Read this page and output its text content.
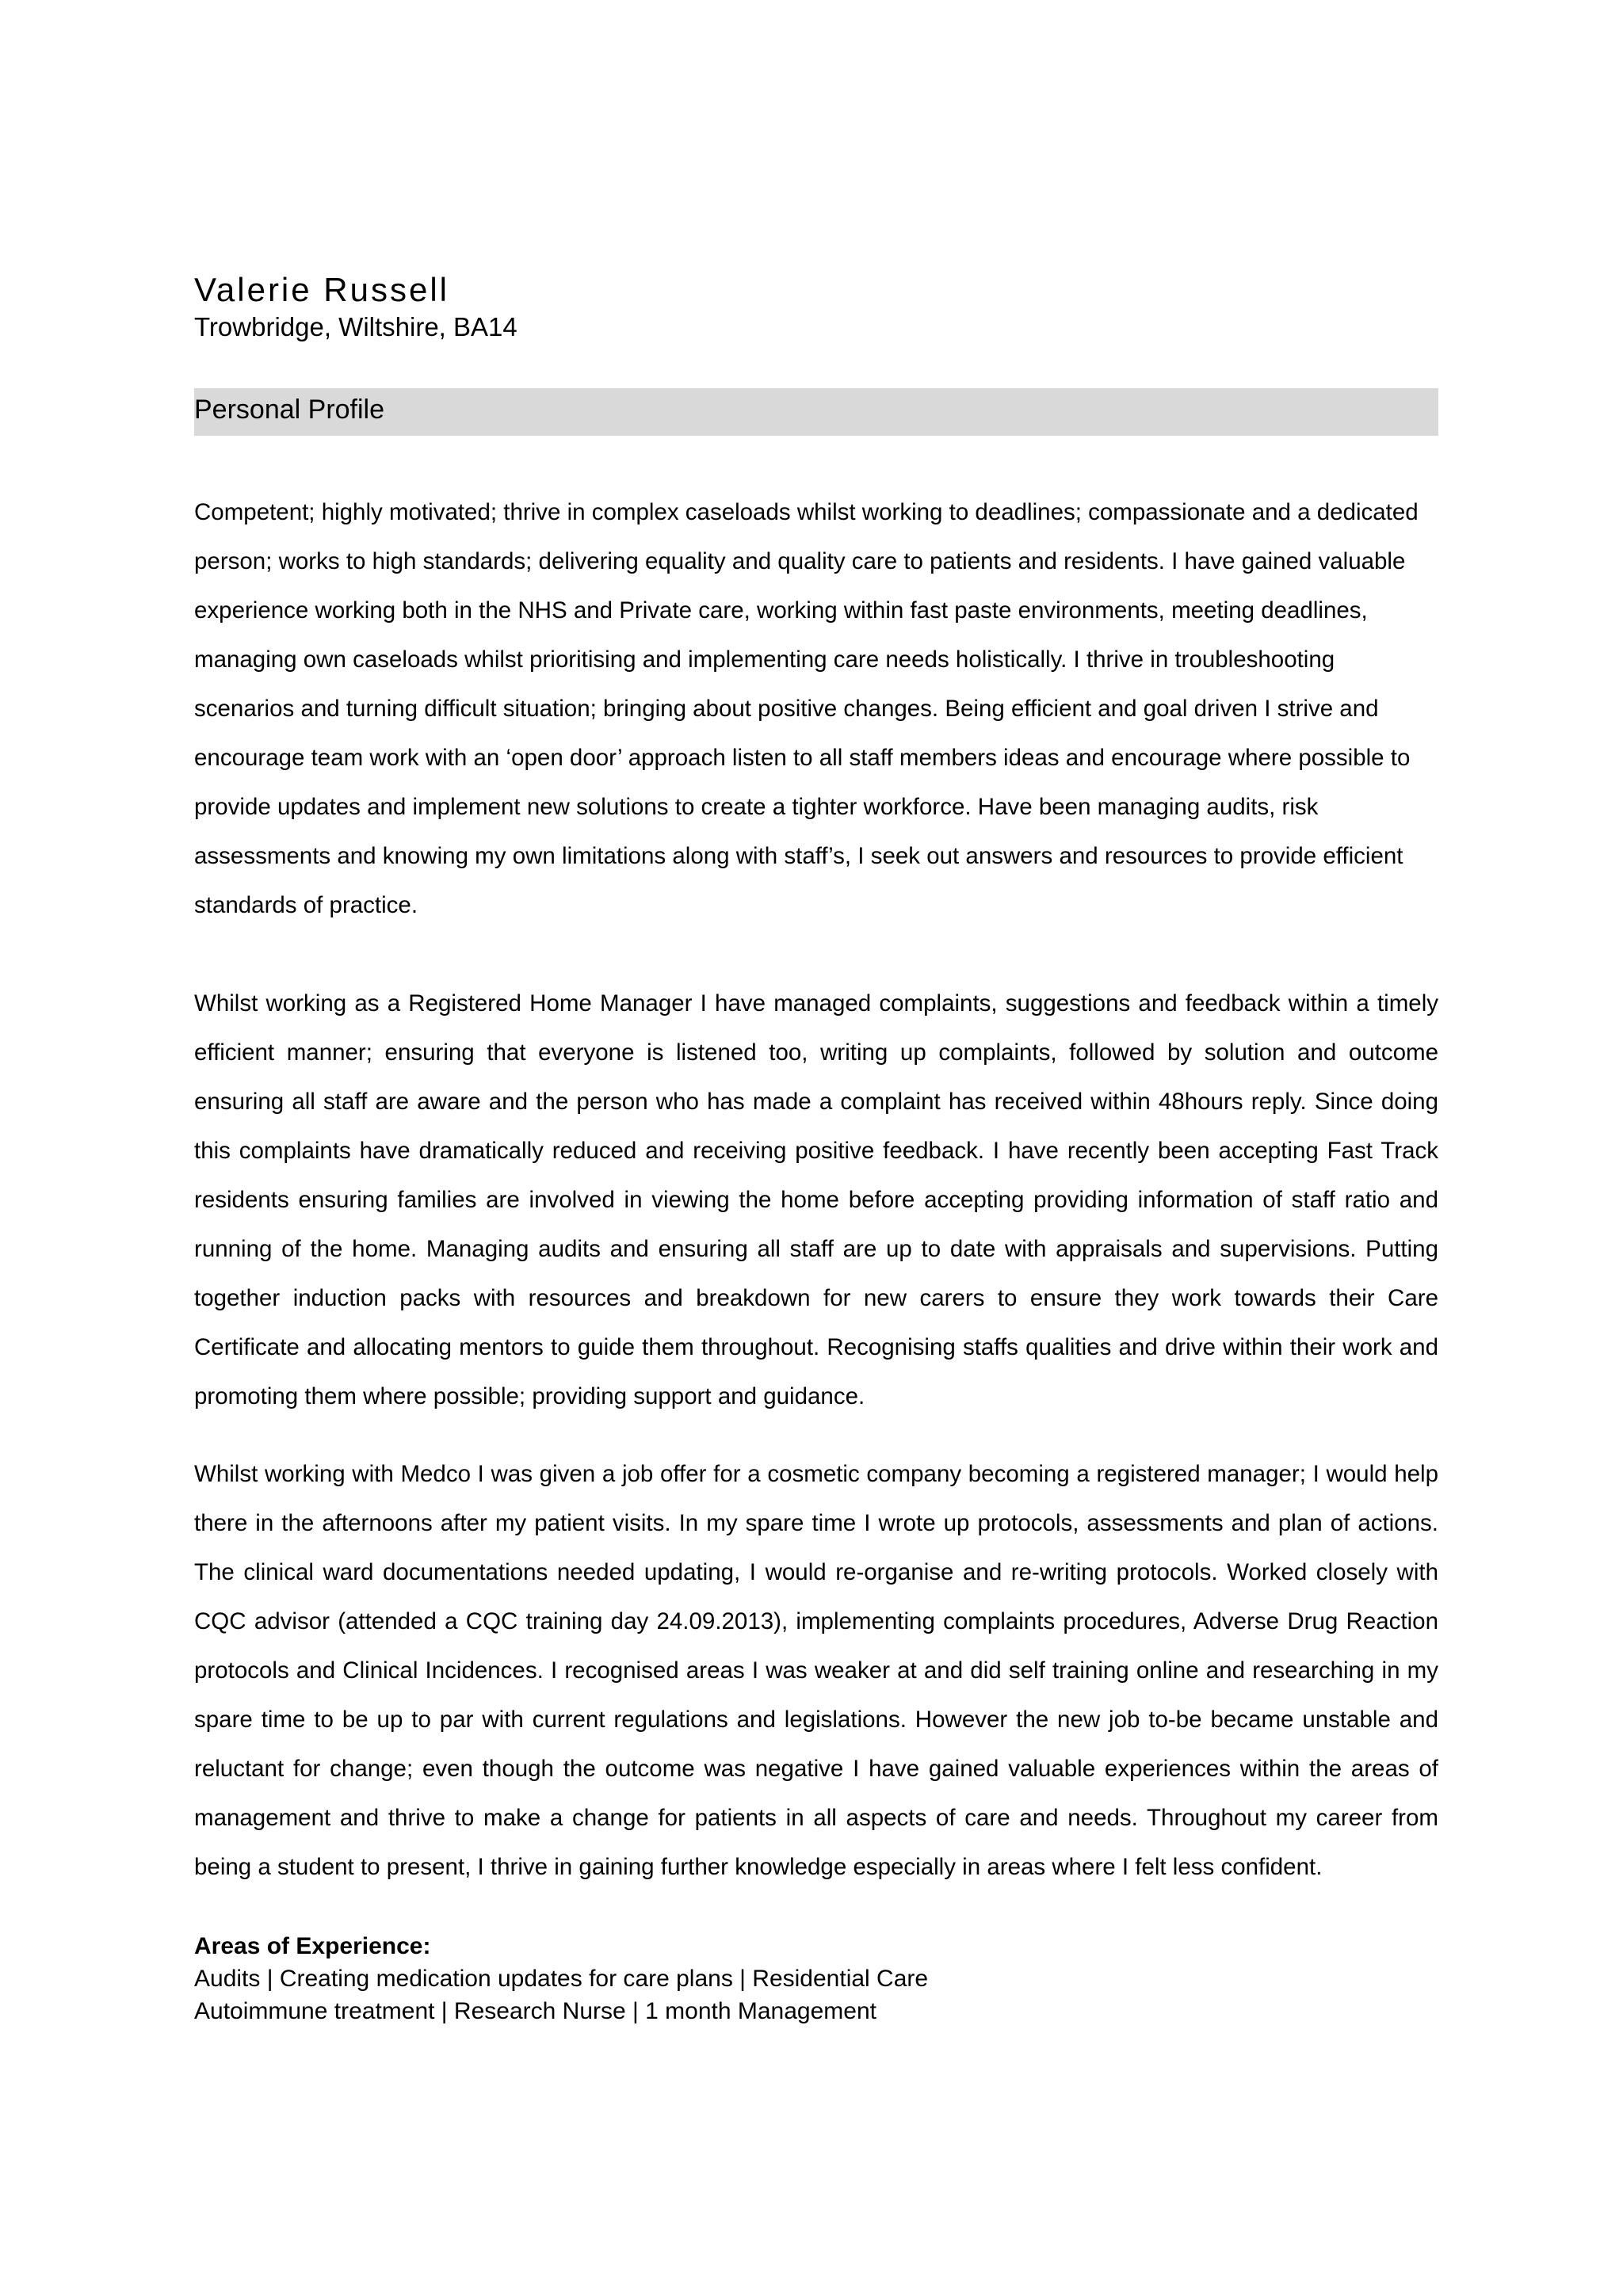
Valerie Russell

Trowbridge, Wiltshire, BA14

Personal Profile

Competent; highly motivated; thrive in complex caseloads whilst working to deadlines; compassionate and a dedicated person; works to high standards; delivering equality and quality care to patients and residents. I have gained valuable experience working both in the NHS and Private care, working within fast paste environments, meeting deadlines, managing own caseloads whilst prioritising and implementing care needs holistically. I thrive in troubleshooting scenarios and turning difficult situation; bringing about positive changes. Being efficient and goal driven I strive and encourage team work with an ‘open door’ approach listen to all staff members ideas and encourage where possible to provide updates and implement new solutions to create a tighter workforce. Have been managing audits, risk assessments and knowing my own limitations along with staff’s, I seek out answers and resources to provide efficient standards of practice.

Whilst working as a Registered Home Manager I have managed complaints, suggestions and feedback within a timely efficient manner; ensuring that everyone is listened too, writing up complaints, followed by solution and outcome ensuring all staff are aware and the person who has made a complaint has received within 48hours reply. Since doing this complaints have dramatically reduced and receiving positive feedback. I have recently been accepting Fast Track residents ensuring families are involved in viewing the home before accepting providing information of staff ratio and running of the home. Managing audits and ensuring all staff are up to date with appraisals and supervisions. Putting together induction packs with resources and breakdown for new carers to ensure they work towards their Care Certificate and allocating mentors to guide them throughout. Recognising staffs qualities and drive within their work and promoting them where possible; providing support and guidance.

Whilst working with Medco I was given a job offer for a cosmetic company becoming a registered manager; I would help there in the afternoons after my patient visits. In my spare time I wrote up protocols, assessments and plan of actions. The clinical ward documentations needed updating, I would re-organise and re-writing protocols. Worked closely with CQC advisor (attended a CQC training day 24.09.2013), implementing complaints procedures, Adverse Drug Reaction protocols and Clinical Incidences. I recognised areas I was weaker at and did self training online and researching in my spare time to be up to par with current regulations and legislations. However the new job to-be became unstable and reluctant for change; even though the outcome was negative I have gained valuable experiences within the areas of management and thrive to make a change for patients in all aspects of care and needs. Throughout my career from being a student to present, I thrive in gaining further knowledge especially in areas where I felt less confident.

Areas of Experience:
Audits | Creating medication updates for care plans | Residential Care
Autoimmune treatment | Research Nurse | 1 month Management
